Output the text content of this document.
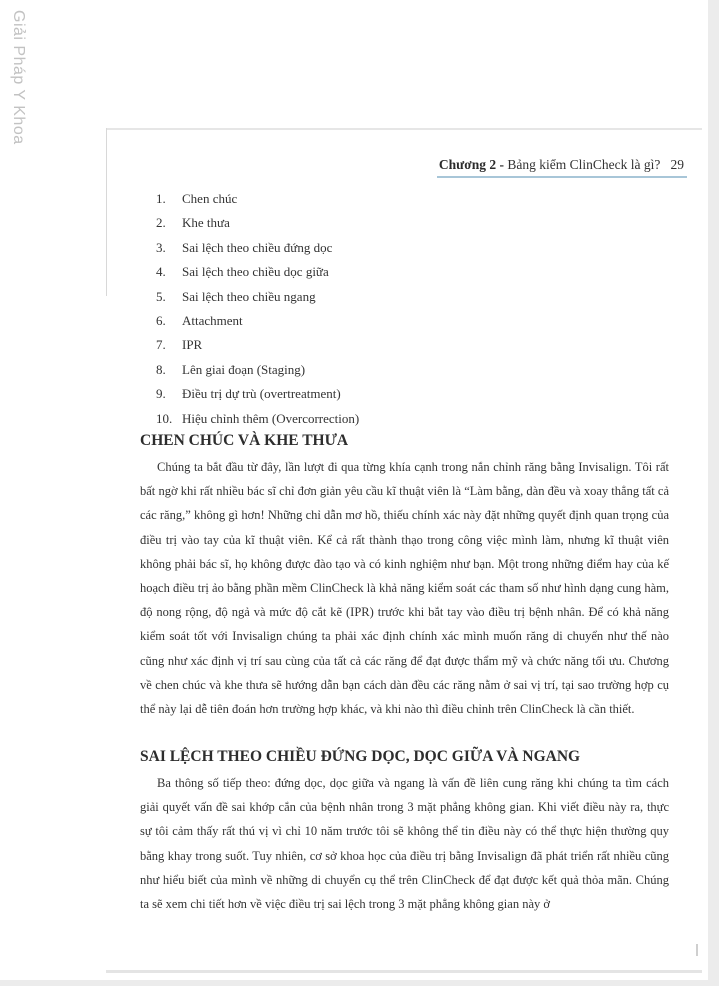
Giải Pháp Y Khoa
Chương 2 - Bảng kiểm ClinCheck là gì? 29
1. Chen chúc
2. Khe thưa
3. Sai lệch theo chiều đứng dọc
4. Sai lệch theo chiều dọc giữa
5. Sai lệch theo chiều ngang
6. Attachment
7. IPR
8. Lên giai đoạn (Staging)
9. Điều trị dự trù (overtreatment)
10. Hiệu chỉnh thêm (Overcorrection)
CHEN CHÚC VÀ KHE THƯA

Chúng ta bắt đầu từ đây, lần lượt đi qua từng khía cạnh trong nắn chỉnh răng bằng Invisalign. Tôi rất bất ngờ khi rất nhiều bác sĩ chỉ đơn giản yêu cầu kĩ thuật viên là “Làm bằng, dàn đều và xoay thẳng tất cả các răng,” không gì hơn! Những chỉ dẫn mơ hồ, thiếu chính xác này đặt những quyết định quan trọng của điều trị vào tay của kĩ thuật viên. Kể cả rất thành thạo trong công việc mình làm, nhưng kĩ thuật viên không phải bác sĩ, họ không được đào tạo và có kinh nghiệm như bạn. Một trong những điểm hay của kế hoạch điều trị ảo bằng phần mềm ClinCheck là khả năng kiểm soát các tham số như hình dạng cung hàm, độ nong rộng, độ ngả và mức độ cắt kẽ (IPR) trước khi bắt tay vào điều trị bệnh nhân. Để có khả năng kiểm soát tốt với Invisalign chúng ta phải xác định chính xác mình muốn răng di chuyển như thế nào cũng như xác định vị trí sau cùng của tất cả các răng để đạt được thẩm mỹ và chức năng tối ưu. Chương về chen chúc và khe thưa sẽ hướng dẫn bạn cách dàn đều các răng nằm ở sai vị trí, tại sao trường hợp cụ thể này lại dễ tiên đoán hơn trường hợp khác, và khi nào thì điều chỉnh trên ClinCheck là cần thiết.

SAI LỆCH THEO CHIỀU ĐỨNG DỌC, DỌC GIỮA VÀ NGANG

Ba thông số tiếp theo: đứng dọc, dọc giữa và ngang là vấn đề liên cung răng khi chúng ta tìm cách giải quyết vấn đề sai khớp cắn của bệnh nhân trong 3 mặt phẳng không gian. Khi viết điều này ra, thực sự tôi cảm thấy rất thú vị vì chỉ 10 năm trước tôi sẽ không thể tin điều này có thể thực hiện thường quy bằng khay trong suốt. Tuy nhiên, cơ sở khoa học của điều trị bằng Invisalign đã phát triển rất nhiều cũng như hiểu biết của mình về những di chuyển cụ thể trên ClinCheck để đạt được kết quả thỏa mãn. Chúng ta sẽ xem chi tiết hơn về việc điều trị sai lệch trong 3 mặt phẳng không gian này ở
